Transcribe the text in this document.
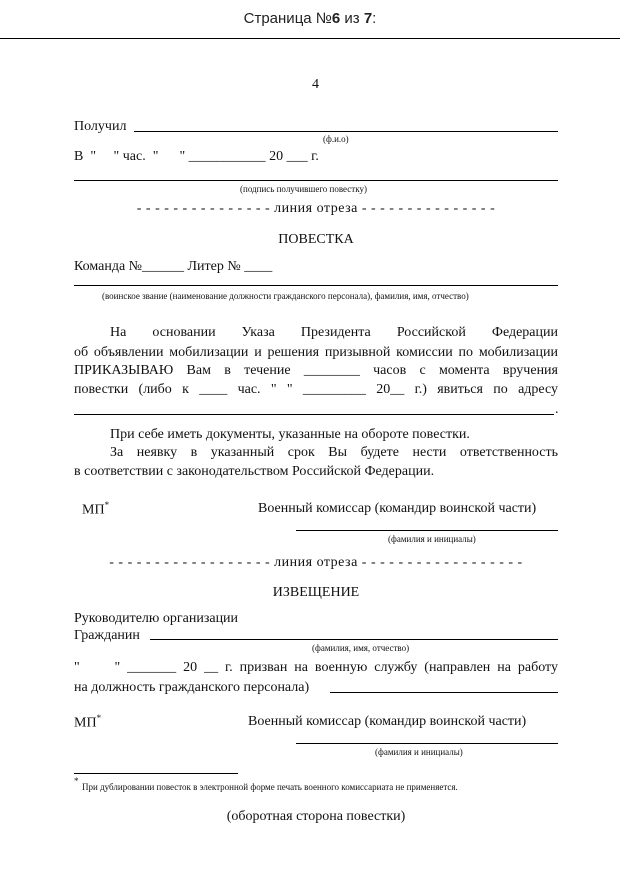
Страница №6 из 7:
4
Получил
(ф.и.о)
В  "     " час.  "      " ___________ 20 ___ г.
(подпись получившего повестку)
- - - - - - - - - - - - - - - линия отреза - - - - - - - - - - - - - - -
ПОВЕСТКА
Команда №______ Литер № ____
(воинское звание (наименование должности гражданского персонала), фамилия, имя, отчество)
На основании Указа Президента Российской Федерации
об объявлении мобилизации и решения призывной комиссии по мобилизации
ПРИКАЗЫВАЮ Вам в течение ________ часов с момента вручения
повестки (либо к ____ час. " " _________ 20__ г.) явиться по адресу
.
При себе иметь документы, указанные на обороте повестки.
За неявку в указанный срок Вы будете нести ответственность
в соответствии с законодательством Российской Федерации.
МП*	Военный комиссар (командир воинской части)
(фамилия и инициалы)
- - - - - - - - - - - - - - - - - - линия отреза - - - - - - - - - - - - - - - - - -
ИЗВЕЩЕНИЕ
Руководителю организации
Гражданин
(фамилия, имя, отчество)
"     " _______ 20 __ г. призван на военную службу (направлен на работу
на должность гражданского персонала)
МП*	Военный комиссар (командир воинской части)
(фамилия и инициалы)
*
При дублировании повесток в электронной форме печать военного комиссариата не применяется.
(оборотная сторона повестки)
